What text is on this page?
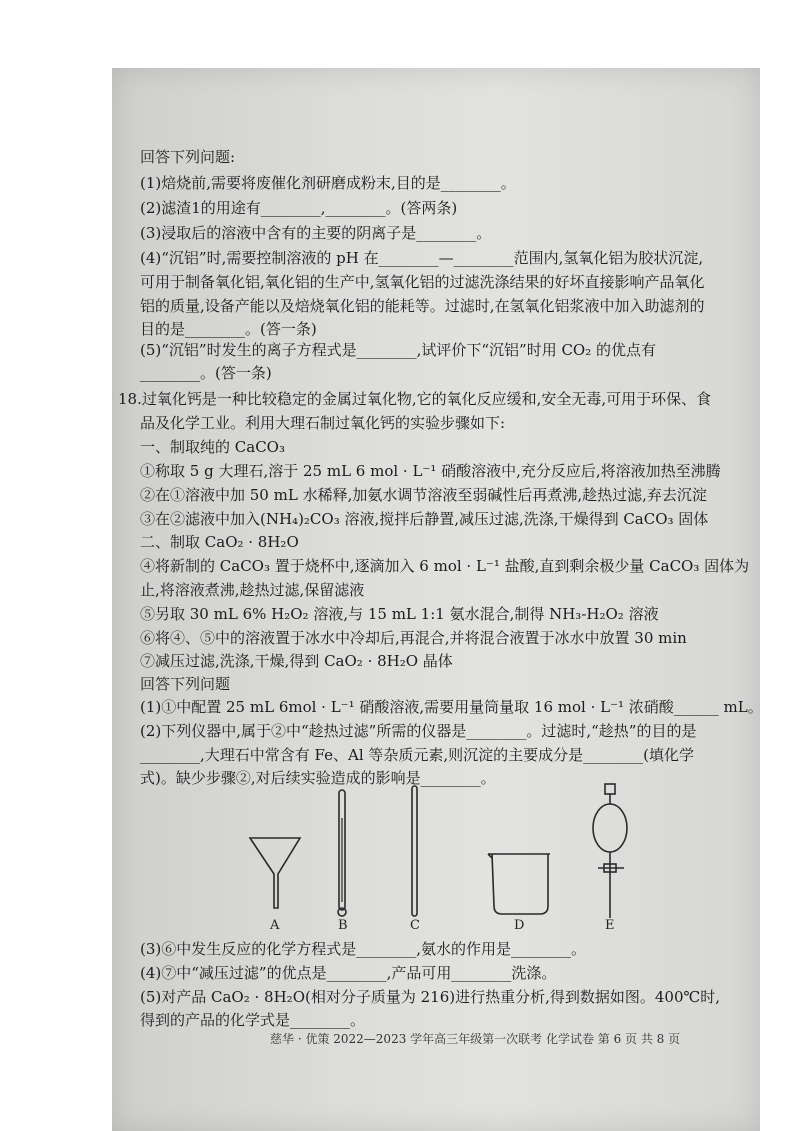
回答下列问题:
(1)焙烧前,需要将废催化剂研磨成粉末,目的是________。
(2)滤渣1的用途有________,________。(答两条)
(3)浸取后的溶液中含有的主要的阴离子是________。
(4)“沉铝”时,需要控制溶液的 pH 在________—________范围内,氢氧化铝为胶状沉淀,
可用于制备氧化铝,氧化铝的生产中,氢氧化铝的过滤洗涤结果的好坏直接影响产品氧化
铝的质量,设备产能以及焙烧氧化铝的能耗等。过滤时,在氢氧化铝浆液中加入助滤剂的
目的是________。(答一条)
(5)“沉铝”时发生的离子方程式是________,试评价下“沉铝”时用 CO₂ 的优点有
________。(答一条)
18.过氧化钙是一种比较稳定的金属过氧化物,它的氧化反应缓和,安全无毒,可用于环保、食
品及化学工业。利用大理石制过氧化钙的实验步骤如下:
一、制取纯的 CaCO₃
①称取 5 g 大理石,溶于 25 mL 6 mol · L⁻¹ 硝酸溶液中,充分反应后,将溶液加热至沸腾
②在①溶液中加 50 mL 水稀释,加氨水调节溶液至弱碱性后再煮沸,趁热过滤,弃去沉淀
③在②滤液中加入(NH₄)₂CO₃ 溶液,搅拌后静置,减压过滤,洗涤,干燥得到 CaCO₃ 固体
二、制取 CaO₂ · 8H₂O
④将新制的 CaCO₃ 置于烧杯中,逐滴加入 6 mol · L⁻¹ 盐酸,直到剩余极少量 CaCO₃ 固体为
止,将溶液煮沸,趁热过滤,保留滤液
⑤另取 30 mL 6% H₂O₂ 溶液,与 15 mL 1:1 氨水混合,制得 NH₃-H₂O₂ 溶液
⑥将④、⑤中的溶液置于冰水中冷却后,再混合,并将混合液置于冰水中放置 30 min
⑦减压过滤,洗涤,干燥,得到 CaO₂ · 8H₂O 晶体
回答下列问题
(1)①中配置 25 mL 6mol · L⁻¹ 硝酸溶液,需要用量筒量取 16 mol · L⁻¹ 浓硝酸______ mL。
(2)下列仪器中,属于②中“趁热过滤”所需的仪器是________。过滤时,“趁热”的目的是
________,大理石中常含有 Fe、Al 等杂质元素,则沉淀的主要成分是________(填化学
式)。缺少步骤②,对后续实验造成的影响是________。
A	B	C	D	E
(3)⑥中发生反应的化学方程式是________,氨水的作用是________。
(4)⑦中“减压过滤”的优点是________,产品可用________洗涤。
(5)对产品 CaO₂ · 8H₂O(相对分子质量为 216)进行热重分析,得到数据如图。400℃时,
得到的产品的化学式是________。
慈华 · 优策 2022—2023 学年高三年级第一次联考 化学试卷 第 6 页 共 8 页
